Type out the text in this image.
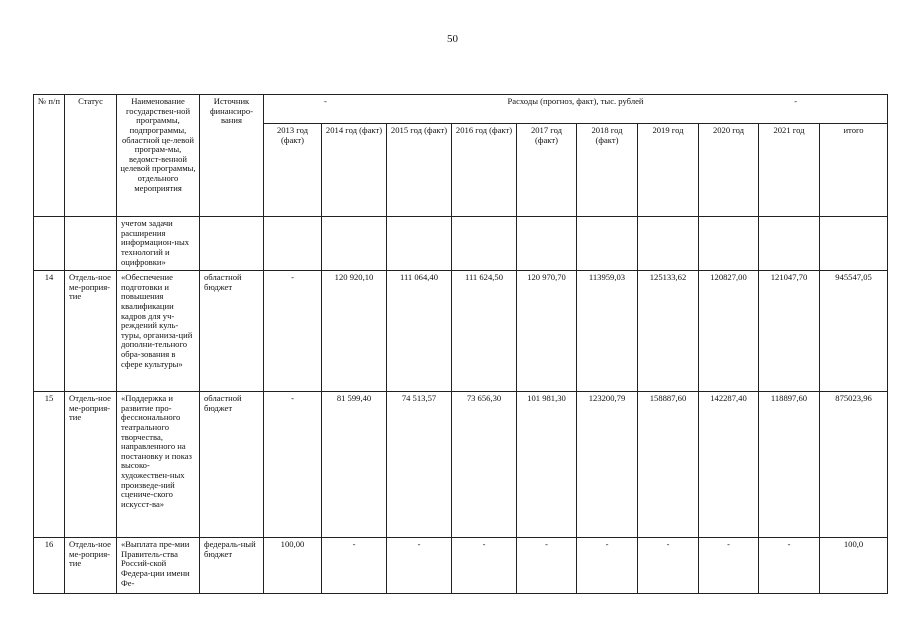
50
№ п/п	Статус	Наименование государствен-ной программы, подпрограммы, областной це-левой програм-мы, ведомст-венной целевой программы, отдельного мероприятия	Источник финансиро-вания	- Расходы (прогноз, факт), тыс. рублей -									

				2013 год (факт)	2014 год (факт)	2015 год (факт)	2016 год (факт)	2017 год (факт)	2018 год (факт)	2019 год	2020 год	2021 год	итого
		учетом задачи расширения информацион-ных технологий и оцифровки»											
14	Отдель-ное ме-роприя-тие	«Обеспечение подготовки и повышения квалификации кадров для уч-реждений куль-туры, организа-ций дополни-тельного обра-зования в сфере культуры»	областной бюджет	-	120 920,10	111 064,40	111 624,50	120 970,70	113959,03	125133,62	120827,00	121047,70	945547,05
15	Отдель-ное ме-роприя-тие	«Поддержка и развитие про-фессионального театрального творчества, направленного на постановку и показ высоко-художествен-ных произведе-ний сцениче-ского искусст-ва»	областной бюджет	-	81 599,40	74 513,57	73 656,30	101 981,30	123200,79	158887,60	142287,40	118897,60	875023,96
16	Отдель-ное ме-роприя-тие	«Выплата пре-мии Правитель-ства Россий-ской Федера-ции имени Фе-	федераль-ный бюджет	100,00	-	-	-	-	-	-	-	-	100,0
